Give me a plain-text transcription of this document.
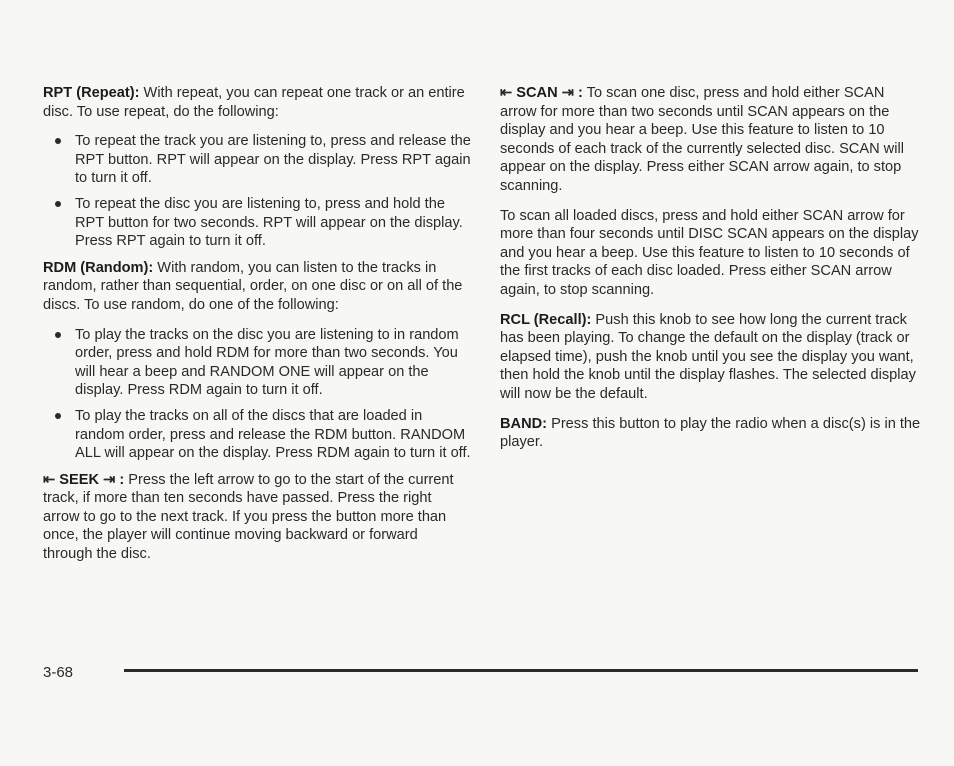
RPT (Repeat): With repeat, you can repeat one track or an entire disc. To use repeat, do the following:

To repeat the track you are listening to, press and release the RPT button. RPT will appear on the display. Press RPT again to turn it off.
To repeat the disc you are listening to, press and hold the RPT button for two seconds. RPT will appear on the display. Press RPT again to turn it off.

RDM (Random): With random, you can listen to the tracks in random, rather than sequential, order, on one disc or on all of the discs. To use random, do one of the following:

To play the tracks on the disc you are listening to in random order, press and hold RDM for more than two seconds. You will hear a beep and RANDOM ONE will appear on the display. Press RDM again to turn it off.
To play the tracks on all of the discs that are loaded in random order, press and release the RDM button. RANDOM ALL will appear on the display. Press RDM again to turn it off.

⇤ SEEK ⇥ : Press the left arrow to go to the start of the current track, if more than ten seconds have passed. Press the right arrow to go to the next track. If you press the button more than once, the player will continue moving backward or forward through the disc.

⇤ SCAN ⇥ : To scan one disc, press and hold either SCAN arrow for more than two seconds until SCAN appears on the display and you hear a beep. Use this feature to listen to 10 seconds of each track of the currently selected disc. SCAN will appear on the display. Press either SCAN arrow again, to stop scanning.

To scan all loaded discs, press and hold either SCAN arrow for more than four seconds until DISC SCAN appears on the display and you hear a beep. Use this feature to listen to 10 seconds of the first tracks of each disc loaded. Press either SCAN arrow again, to stop scanning.

RCL (Recall): Push this knob to see how long the current track has been playing. To change the default on the display (track or elapsed time), push the knob until you see the display you want, then hold the knob until the display flashes. The selected display will now be the default.

BAND: Press this button to play the radio when a disc(s) is in the player.

3-68
